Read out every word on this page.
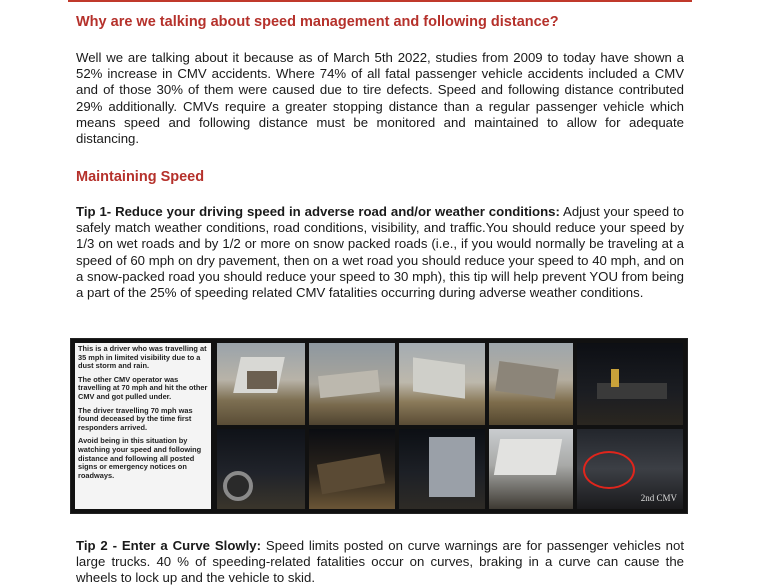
Why are we talking about speed management and following distance?

Well we are talking about it because as of March 5th 2022, studies from 2009 to today have shown a 52% increase in CMV accidents. Where 74% of all fatal passenger vehicle accidents included a CMV and of those 30% of them were caused due to tire defects. Speed and following distance contributed 29% additionally. CMVs require a greater stopping distance than a regular passenger vehicle which means speed and following distance must be monitored and maintained to allow for adequate distancing.

Maintaining Speed

Tip 1- Reduce your driving speed in adverse road and/or weather conditions: Adjust your speed to safely match weather conditions, road conditions, visibility, and traffic.You should reduce your speed by 1/3 on wet roads and by 1/2 or more on snow packed roads (i.e., if you would normally be traveling at a speed of 60 mph on dry pavement, then on a wet road you should reduce your speed to 40 mph, and on a snow-packed road you should reduce your speed to 30 mph), this tip will help prevent YOU from being a part of the 25% of speeding related CMV fatalities occurring during adverse weather conditions.

Tip 2 - Enter a Curve Slowly: Speed limits posted on curve warnings are for passenger vehicles not large trucks. 40 % of speeding-related fatalities occur on curves, braking in a curve can cause the wheels to lock up and the vehicle to skid.

This is a driver who was travelling at 35 mph in limited visibility due to a dust storm and rain.
The other CMV operator was travelling at 70 mph and hit the other CMV and got pulled under.
The driver travelling 70 mph was found deceased by the time first responders arrived.
Avoid being in this situation by watching your speed and following distance and following all posted signs or emergency notices on roadways.
2nd CMV
